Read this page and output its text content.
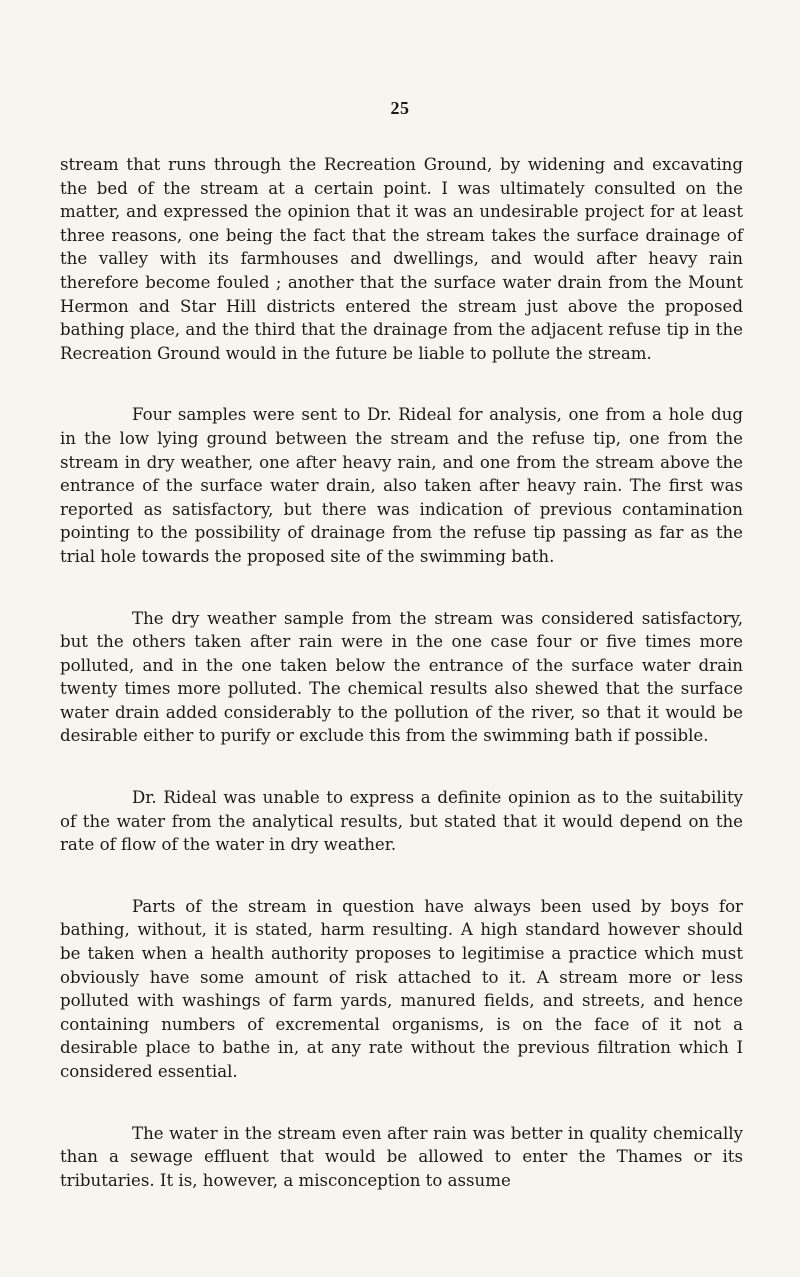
25

stream that runs through the Recreation Ground, by widening and excavating the bed of the stream at a certain point. I was ultimately consulted on the matter, and expressed the opinion that it was an undesirable project for at least three reasons, one being the fact that the stream takes the surface drainage of the valley with its farmhouses and dwellings, and would after heavy rain therefore become fouled ; another that the surface water drain from the Mount Hermon and Star Hill districts entered the stream just above the proposed bathing place, and the third that the drainage from the adjacent refuse tip in the Recreation Ground would in the future be liable to pollute the stream.

Four samples were sent to Dr. Rideal for analysis, one from a hole dug in the low lying ground between the stream and the refuse tip, one from the stream in dry weather, one after heavy rain, and one from the stream above the entrance of the surface water drain, also taken after heavy rain. The first was reported as satisfactory, but there was indication of previous contamination pointing to the possibility of drainage from the refuse tip passing as far as the trial hole towards the proposed site of the swimming bath.

The dry weather sample from the stream was considered satisfactory, but the others taken after rain were in the one case four or five times more polluted, and in the one taken below the entrance of the surface water drain twenty times more polluted. The chemical results also shewed that the surface water drain added considerably to the pollution of the river, so that it would be desirable either to purify or exclude this from the swimming bath if possible.

Dr. Rideal was unable to express a definite opinion as to the suitability of the water from the analytical results, but stated that it would depend on the rate of flow of the water in dry weather.

Parts of the stream in question have always been used by boys for bathing, without, it is stated, harm resulting. A high standard however should be taken when a health authority proposes to legitimise a practice which must obviously have some amount of risk attached to it. A stream more or less polluted with washings of farm yards, manured fields, and streets, and hence containing numbers of excremental organisms, is on the face of it not a desirable place to bathe in, at any rate without the previous filtration which I considered essential.

The water in the stream even after rain was better in quality chemically than a sewage effluent that would be allowed to enter the Thames or its tributaries. It is, however, a misconception to assume
